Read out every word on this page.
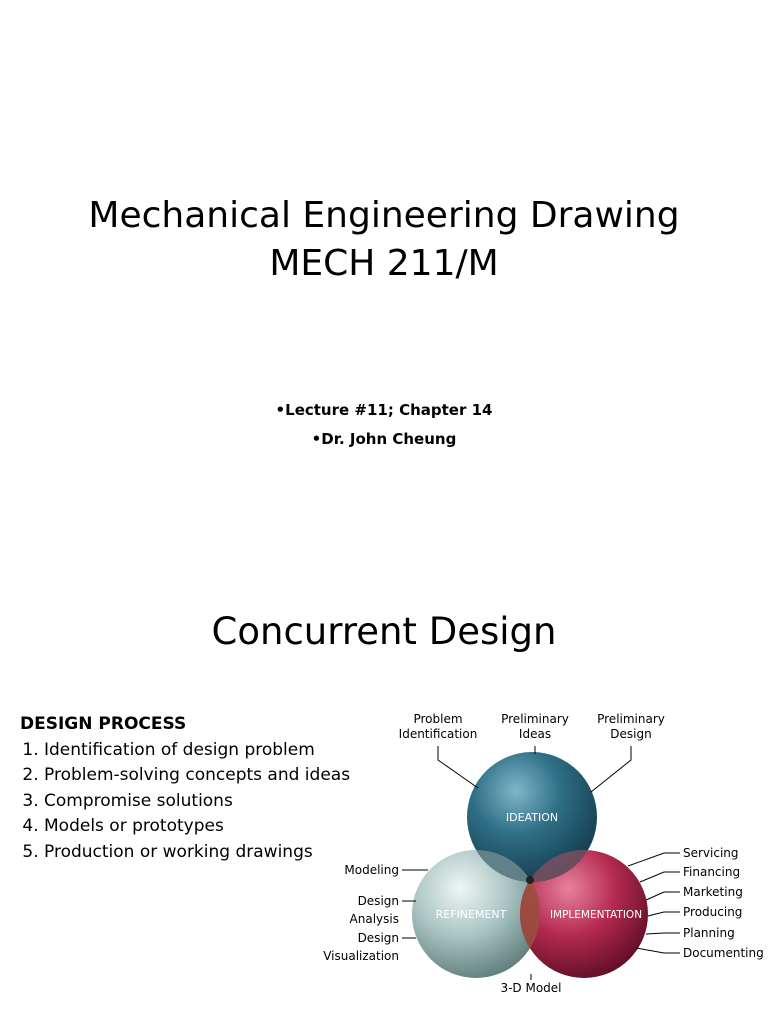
Mechanical Engineering Drawing
MECH 211/M
•Lecture #11; Chapter 14
•Dr. John Cheung
Concurrent Design
DESIGN PROCESS
1. Identification of design problem
2. Problem-solving concepts and ideas
3. Compromise solutions
4. Models or prototypes
5. Production or working drawings
IDEATION
REFINEMENT	IMPLEMENTATION
Problem
Identification
Preliminary
Ideas
Preliminary
Design
Modeling
Design
Analysis
Design
Visualization
Servicing
Financing
Marketing
Producing
Planning
Documenting
3-D Model
